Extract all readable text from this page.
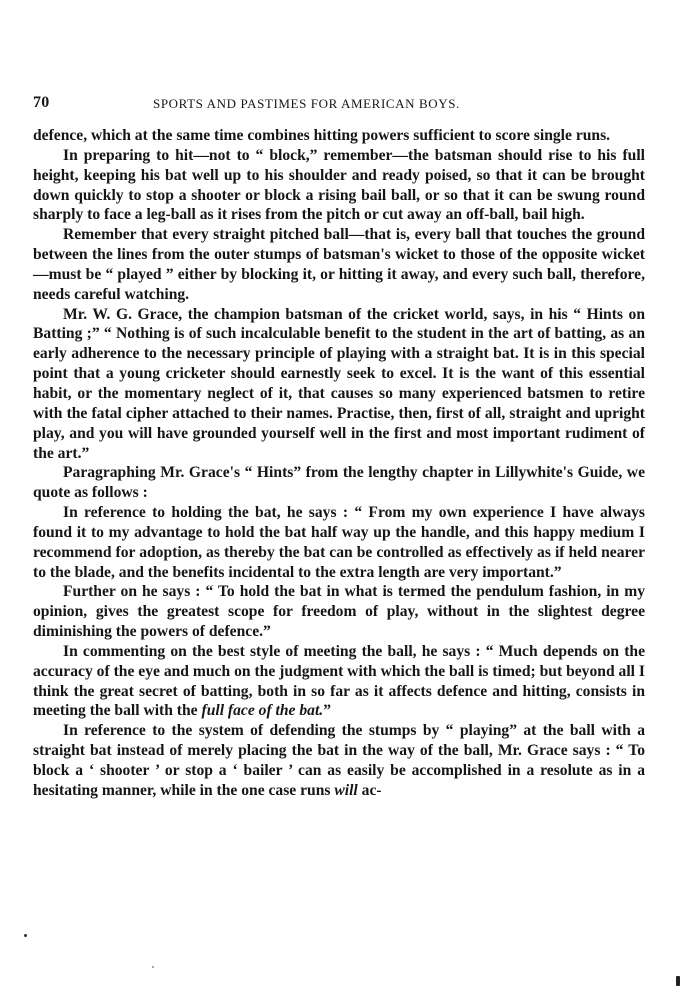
70	SPORTS AND PASTIMES FOR AMERICAN BOYS.

defence, which at the same time combines hitting powers sufficient to score single runs.

In preparing to hit—not to “ block,” remember—the batsman should rise to his full height, keeping his bat well up to his shoulder and ready poised, so that it can be brought down quickly to stop a shooter or block a rising bail ball, or so that it can be swung round sharply to face a leg-ball as it rises from the pitch or cut away an off-ball, bail high.

Remember that every straight pitched ball—that is, every ball that touches the ground between the lines from the outer stumps of batsman's wicket to those of the opposite wicket—must be “ played ” either by blocking it, or hitting it away, and every such ball, therefore, needs careful watching.

Mr. W. G. Grace, the champion batsman of the cricket world, says, in his “ Hints on Batting ;” “ Nothing is of such incalculable benefit to the student in the art of batting, as an early adherence to the necessary principle of playing with a straight bat. It is in this special point that a young cricketer should earnestly seek to excel. It is the want of this essential habit, or the momentary neglect of it, that causes so many experienced batsmen to retire with the fatal cipher attached to their names. Practise, then, first of all, straight and upright play, and you will have grounded yourself well in the first and most important rudiment of the art.”

Paragraphing Mr. Grace's “ Hints” from the lengthy chapter in Lillywhite's Guide, we quote as follows :

In reference to holding the bat, he says : “ From my own experience I have always found it to my advantage to hold the bat half way up the handle, and this happy medium I recommend for adoption, as thereby the bat can be controlled as effectively as if held nearer to the blade, and the benefits incidental to the extra length are very important.”

Further on he says : “ To hold the bat in what is termed the pendulum fashion, in my opinion, gives the greatest scope for freedom of play, without in the slightest degree diminishing the powers of defence.”

In commenting on the best style of meeting the ball, he says : “ Much depends on the accuracy of the eye and much on the judgment with which the ball is timed; but beyond all I think the great secret of batting, both in so far as it affects defence and hitting, consists in meeting the ball with the full face of the bat.”

In reference to the system of defending the stumps by “ playing” at the ball with a straight bat instead of merely placing the bat in the way of the ball, Mr. Grace says : “ To block a ‘ shooter ’ or stop a ‘ bailer ’ can as easily be accomplished in a resolute as in a hesitating manner, while in the one case runs will ac-
